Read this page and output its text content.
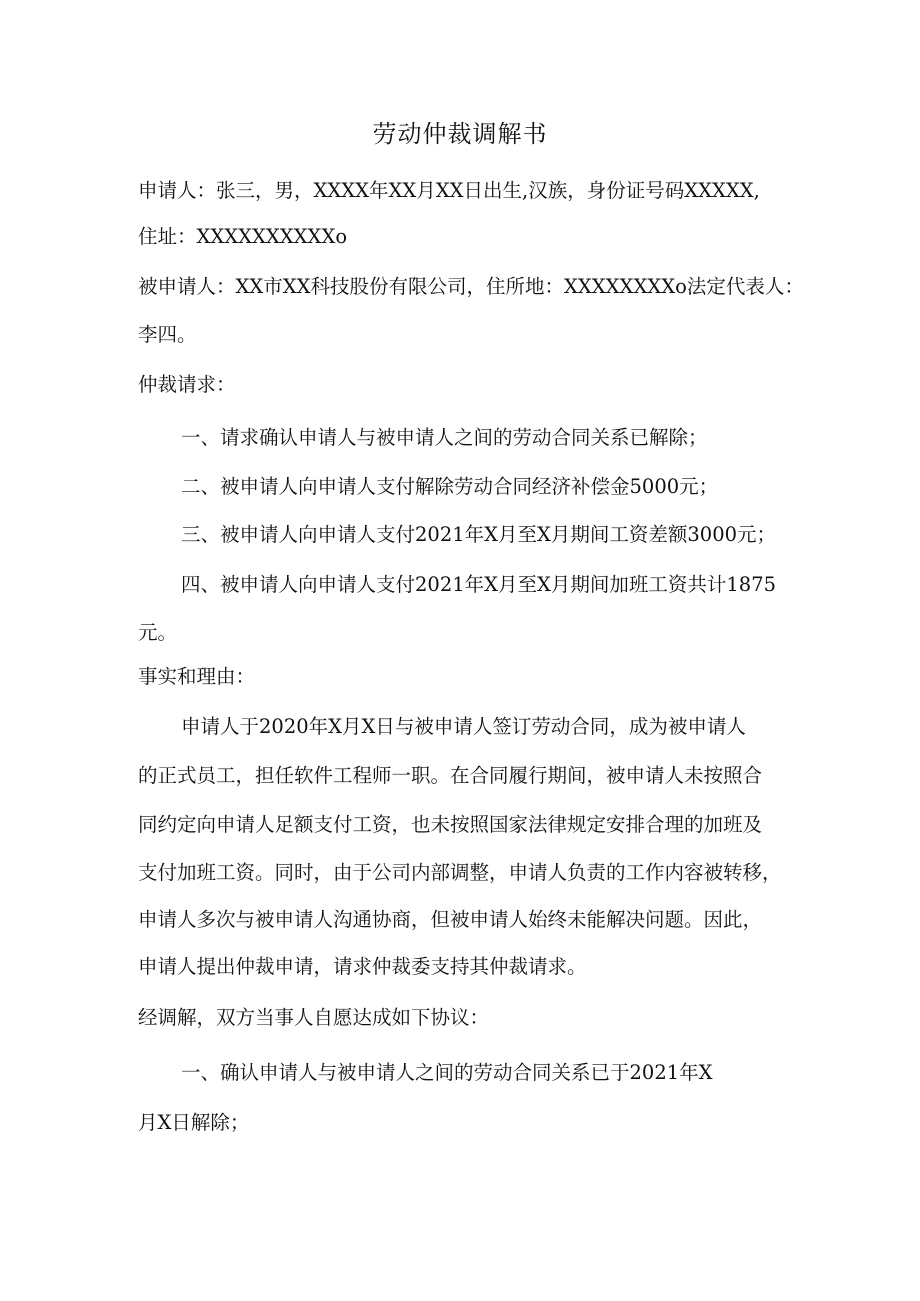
劳动仲裁调解书
申请人：张三，男，XXXX年XX月XX日出生,汉族，身份证号码XXXXX,
住址：XXXXXXXXXXo
被申请人：XX市XX科技股份有限公司，住所地：XXXXXXXXo法定代表人：
李四。
仲裁请求：
一、请求确认申请人与被申请人之间的劳动合同关系已解除；
二、被申请人向申请人支付解除劳动合同经济补偿金5000元；
三、被申请人向申请人支付2021年X月至X月期间工资差额3000元；
四、被申请人向申请人支付2021年X月至X月期间加班工资共计1875
元。
事实和理由：
申请人于2020年X月X日与被申请人签订劳动合同，成为被申请人
的正式员工，担任软件工程师一职。在合同履行期间，被申请人未按照合
同约定向申请人足额支付工资，也未按照国家法律规定安排合理的加班及
支付加班工资。同时，由于公司内部调整，申请人负责的工作内容被转移，
申请人多次与被申请人沟通协商，但被申请人始终未能解决问题。因此，
申请人提出仲裁申请，请求仲裁委支持其仲裁请求。
经调解，双方当事人自愿达成如下协议：
一、确认申请人与被申请人之间的劳动合同关系已于2021年X
月X日解除；
